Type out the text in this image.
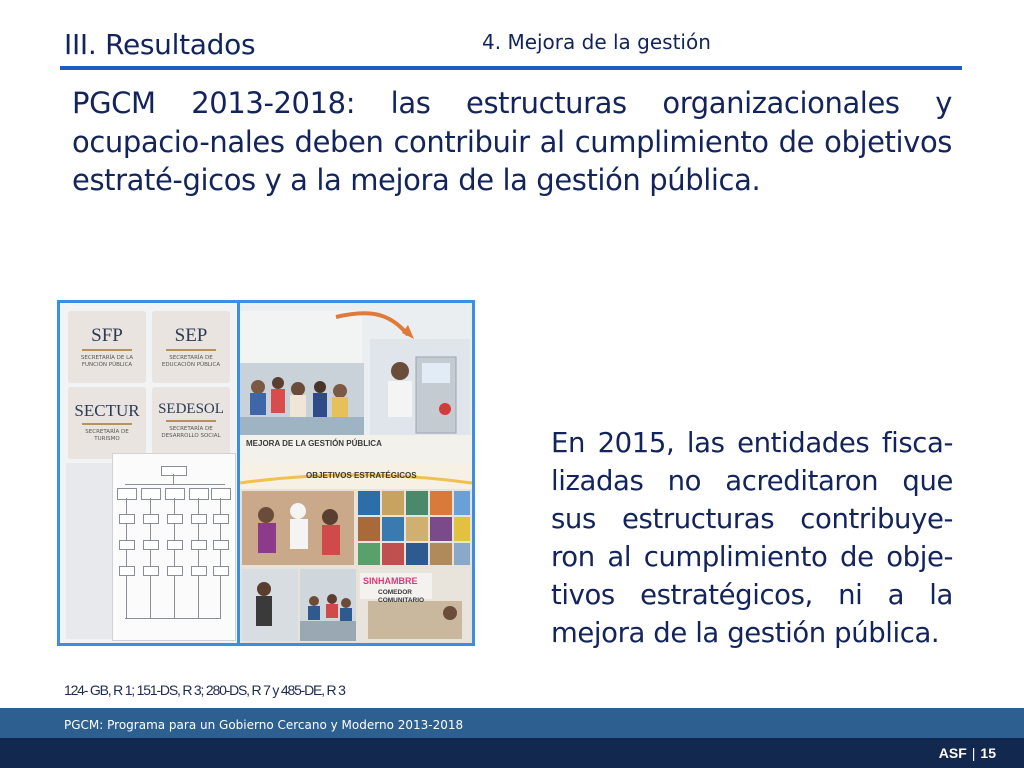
III. Resultados	4. Mejora de la gestión
PGCM 2013-2018: las estructuras organizacionales y ocupacio-nales deben contribuir al cumplimiento de objetivos estraté-gicos y a la mejora de la gestión pública.
SFP
SECRETARÍA DE LA FUNCIÓN PÚBLICA
SEP
SECRETARÍA DE EDUCACIÓN PÚBLICA
SECTUR
SECRETARÍA DE TURISMO
SEDESOL
SECRETARÍA DE DESARROLLO SOCIAL
MEJORA DE LA GESTIÓN PÚBLICA
OBJETIVOS ESTRATÉGICOS
SINHAMBRE
COMEDOR COMUNITARIO
En 2015, las entidades fisca-lizadas no acreditaron que sus estructuras contribuye-ron al cumplimiento de obje-tivos estratégicos, ni a la mejora de la gestión pública.
124- GB, R 1; 151-DS, R 3; 280-DS, R 7 y 485-DE, R 3
PGCM: Programa para un Gobierno Cercano y Moderno 2013-2018
ASF | 15
